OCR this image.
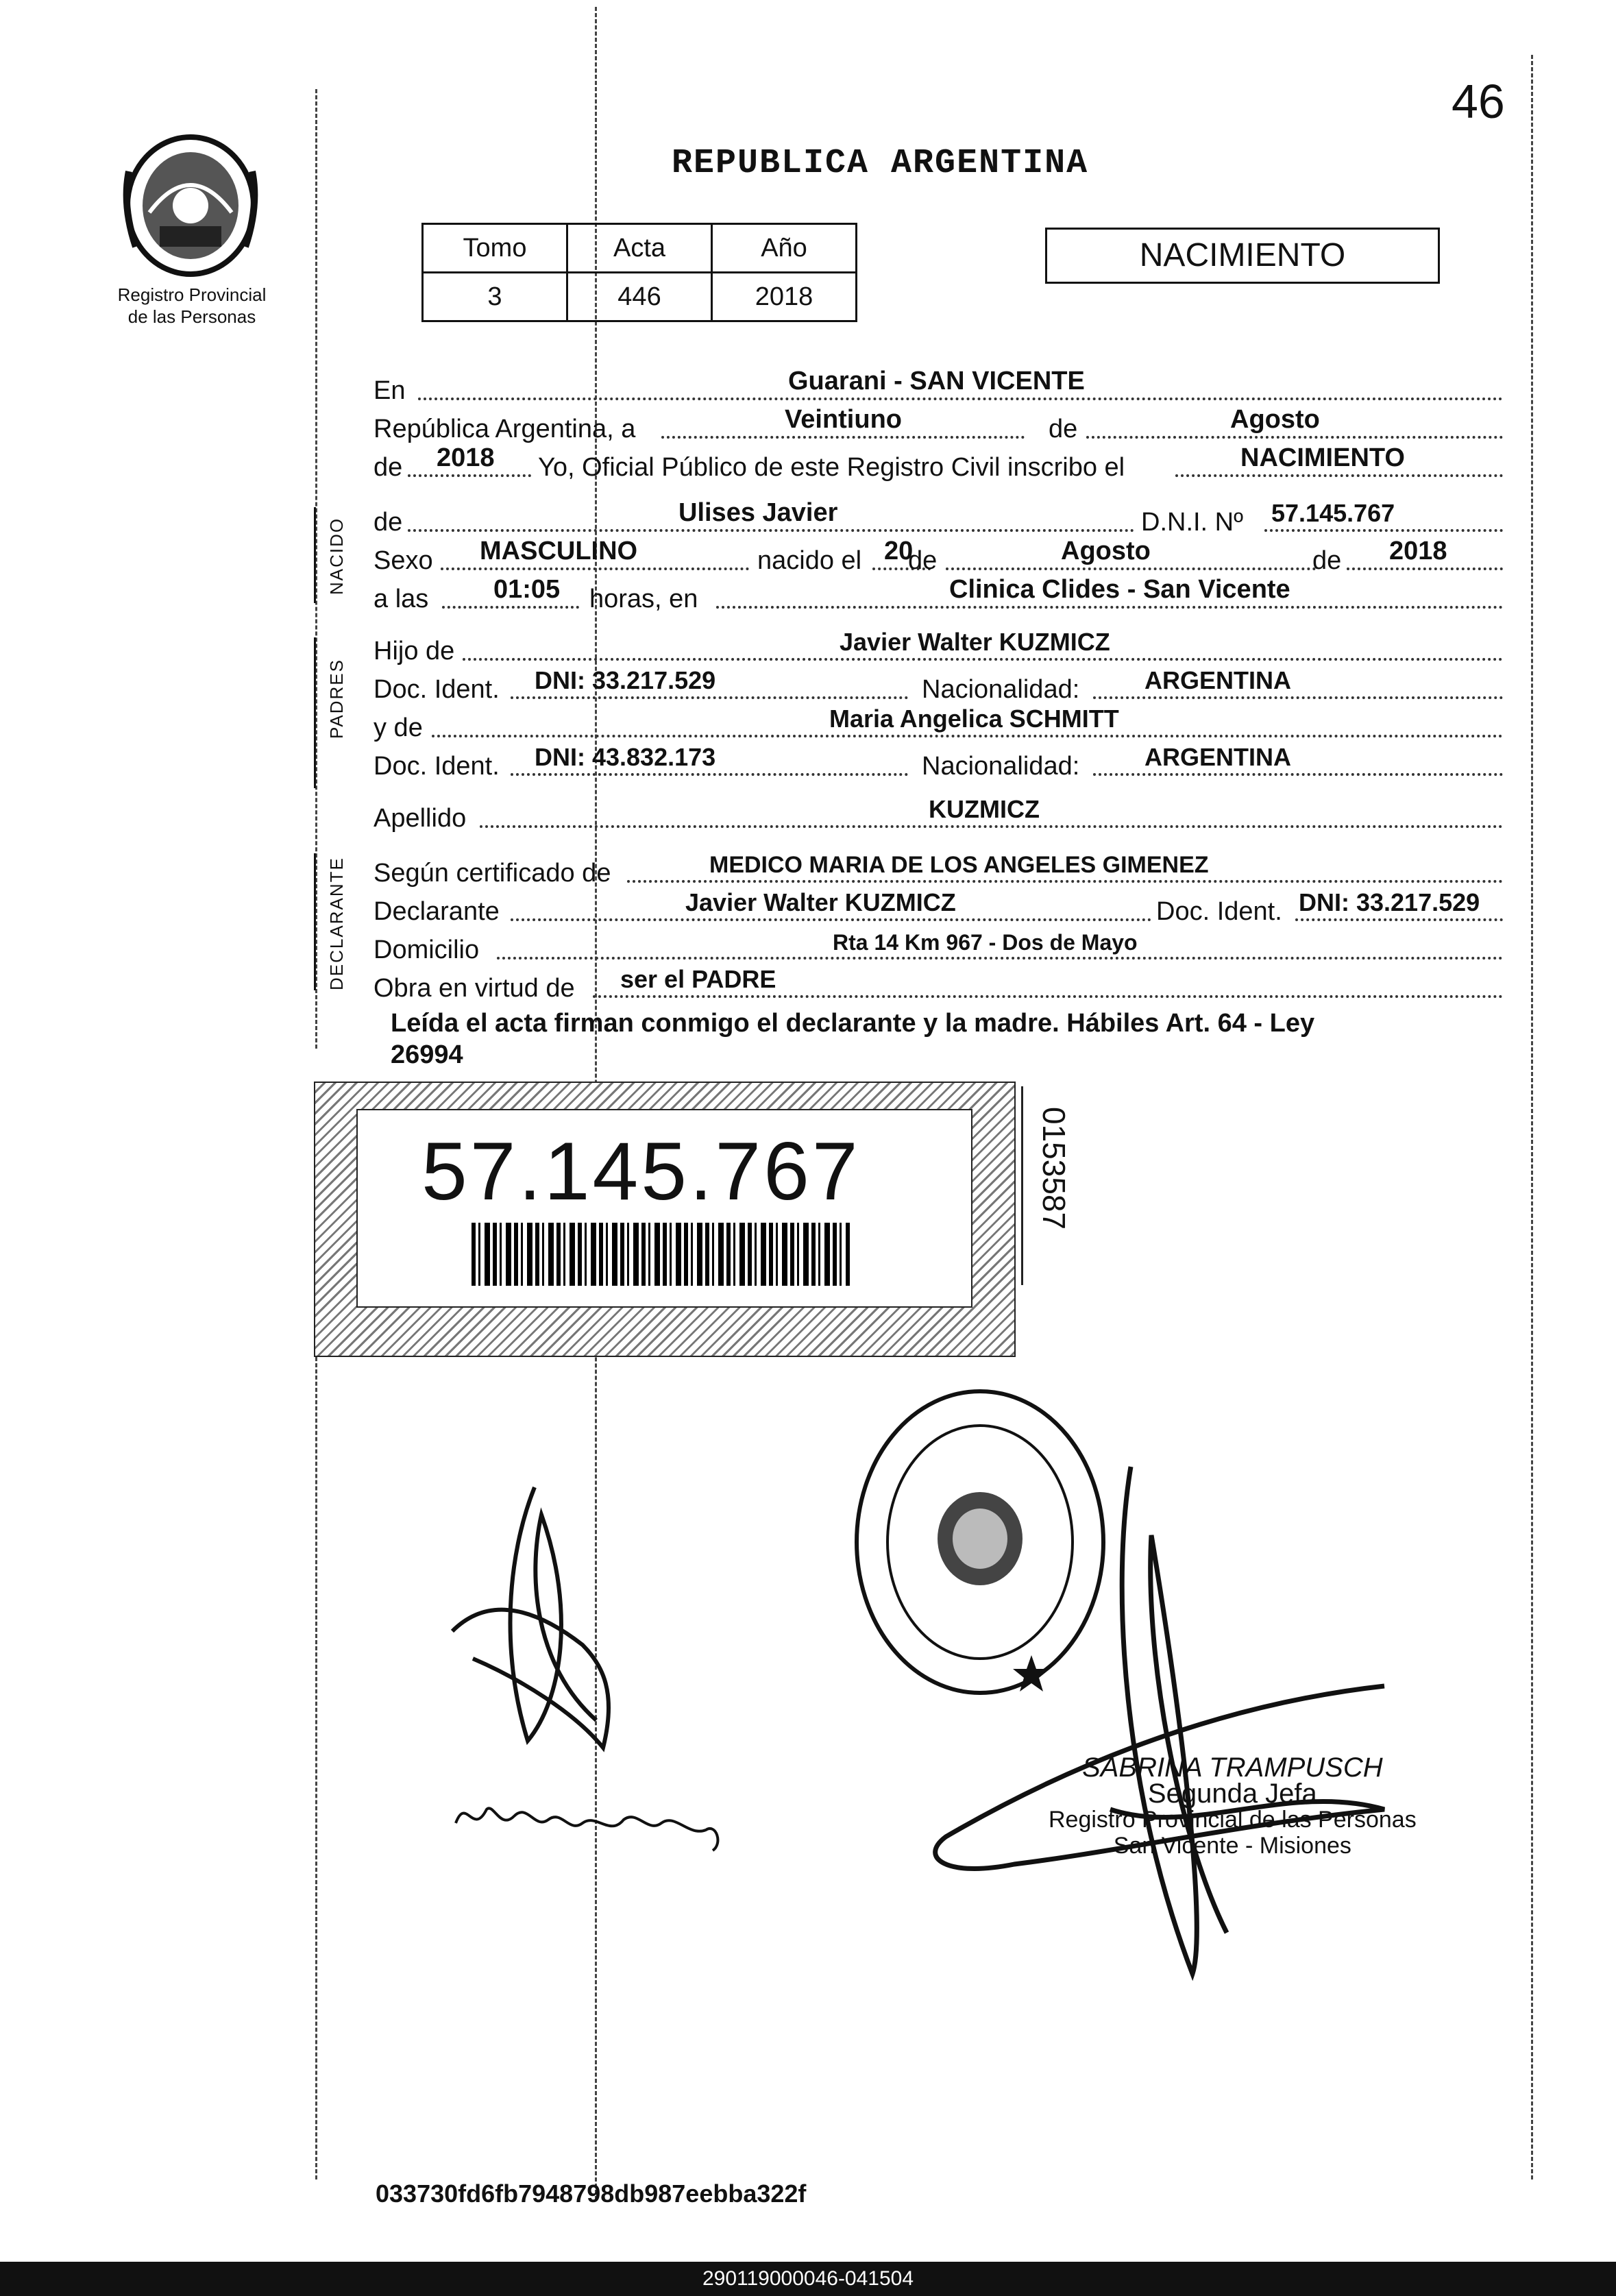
46
Registro Provincial
de las Personas
REPUBLICA ARGENTINA
Tomo	Acta	Año
3	446	2018
NACIMIENTO
NACIDO
PADRES
DECLARANTE
En	Guarani - SAN VICENTE
República Argentina, a	Veintiuno	de	Agosto
de 2018 Yo, Oficial Público de este Registro Civil inscribo el	NACIMIENTO
de	Ulises Javier	D.N.I. Nº 57.145.767
Sexo MASCULINO	nacido el 20
de	Agosto	de 2018
a las 01:05 horas, en	Clinica Clides - San Vicente
Hijo de	Javier Walter KUZMICZ
Doc. Ident. DNI: 33.217.529	Nacionalidad:	ARGENTINA
y de	Maria Angelica SCHMITT
Doc. Ident. DNI: 43.832.173	Nacionalidad:	ARGENTINA
Apellido	KUZMICZ
Según certificado de	MEDICO MARIA DE LOS ANGELES GIMENEZ
Declarante	Javier Walter KUZMICZ	Doc. Ident. DNI: 33.217.529
Domicilio	Rta 14 Km 967 - Dos de Mayo
Obra en virtud de ser el PADRE
Leída el acta firman conmigo el declarante y la madre. Hábiles Art. 64 - Ley
26994
57.145.767	0153587
SABRINA TRAMPUSCH
Segunda Jefa
Registro Provincial de las Personas
San Vicente - Misiones
033730fd6fb7948798db987eebba322f
290119000046-041504
